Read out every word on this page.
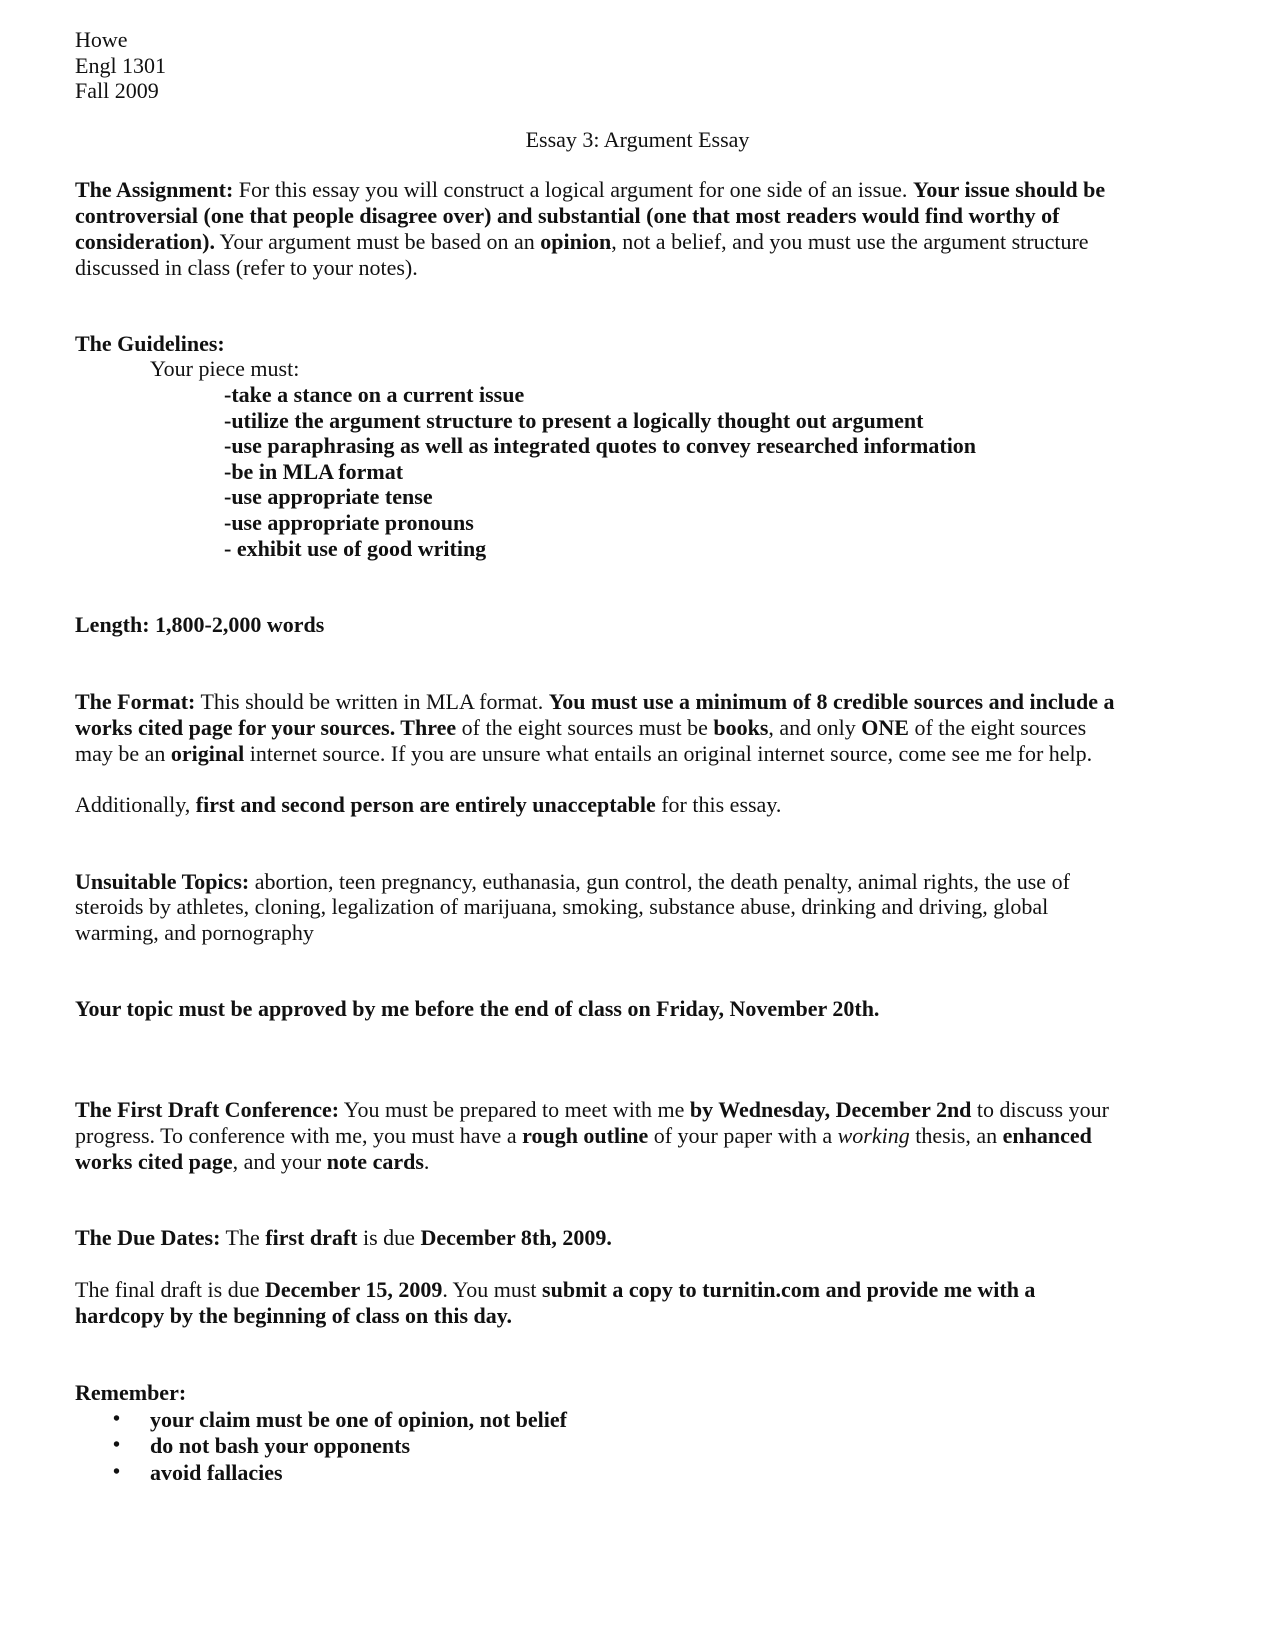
Howe
Engl 1301
Fall 2009
Essay 3: Argument Essay
The Assignment: For this essay you will construct a logical argument for one side of an issue. Your issue should be
controversial (one that people disagree over) and substantial (one that most readers would find worthy of
consideration). Your argument must be based on an opinion, not a belief, and you must use the argument structure
discussed in class (refer to your notes).
The Guidelines:
Your piece must:
-take a stance on a current issue
-utilize the argument structure to present a logically thought out argument
-use paraphrasing as well as integrated quotes to convey researched information
-be in MLA format
-use appropriate tense
-use appropriate pronouns
- exhibit use of good writing
Length: 1,800-2,000 words
The Format: This should be written in MLA format. You must use a minimum of 8 credible sources and include a
works cited page for your sources. Three of the eight sources must be books, and only ONE of the eight sources
may be an original internet source. If you are unsure what entails an original internet source, come see me for help.
Additionally, first and second person are entirely unacceptable for this essay.
Unsuitable Topics: abortion, teen pregnancy, euthanasia, gun control, the death penalty, animal rights, the use of
steroids by athletes, cloning, legalization of marijuana, smoking, substance abuse, drinking and driving, global
warming, and pornography
Your topic must be approved by me before the end of class on Friday, November 20th.
The First Draft Conference: You must be prepared to meet with me by Wednesday, December 2nd to discuss your
progress. To conference with me, you must have a rough outline of your paper with a working thesis, an enhanced
works cited page, and your note cards.
The Due Dates: The first draft is due December 8th, 2009.
The final draft is due December 15, 2009. You must submit a copy to turnitin.com and provide me with a
hardcopy by the beginning of class on this day.
Remember:
• your claim must be one of opinion, not belief
• do not bash your opponents
• avoid fallacies
